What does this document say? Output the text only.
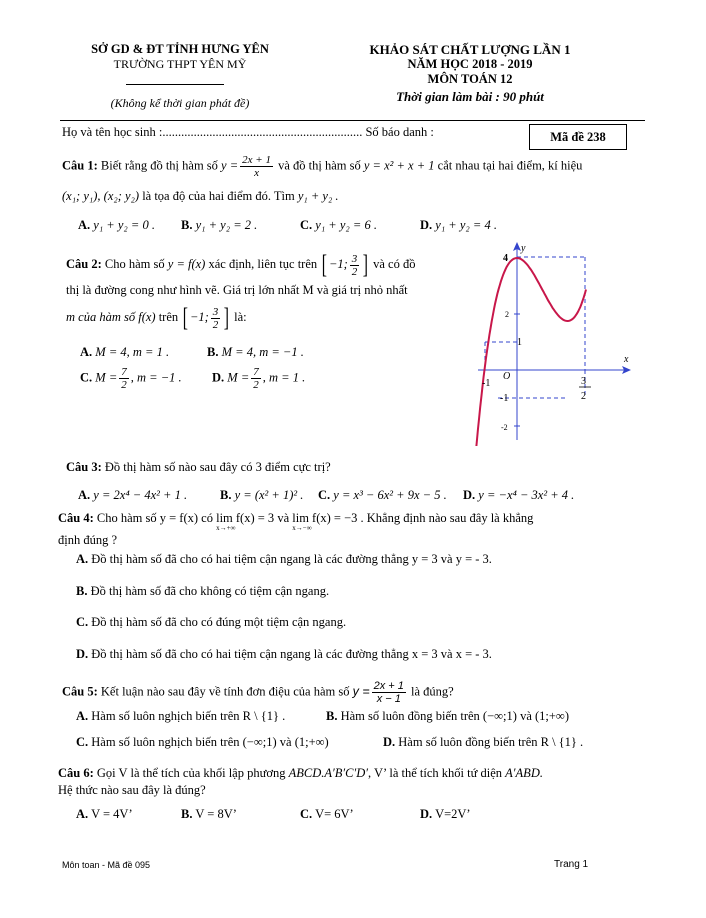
SỞ GD & ĐT TỈNH HƯNG YÊN
TRƯỜNG THPT YÊN MỸ
(Không kể thời gian phát đề)
KHẢO SÁT CHẤT LƯỢNG LẦN 1
NĂM HỌC 2018 - 2019
MÔN TOÁN 12
Thời gian làm bài : 90 phút
Họ và tên học sinh :................................................................ Số báo danh :	Mã đề 238
Câu 1: Biết rằng đồ thị hàm số $y = \frac{2x + 1}{x}$ và đồ thị hàm số y = x² + x + 1 cắt nhau tại hai điểm, kí hiệu
(x₁; y₁), (x₂; y₂) là tọa độ của hai điểm đó. Tìm y₁ + y₂ .
A. y₁ + y₂ = 0 . B. y₁ + y₂ = 2 .	C. y₁ + y₂ = 6 .	D. y₁ + y₂ = 4 .
Câu 2: Cho hàm số y = f(x) xác định, liên tục trên [ −1; $\frac{3}{2}$ ] và có đồ
thị là đường cong như hình vẽ. Giá trị lớn nhất M và giá trị nhỏ nhất
m của hàm số f(x) trên [ −1; $\frac{3}{2}$ ] là:
A. M = 4, m = 1 .	B. M = 4, m = −1 .
C. $M = \frac{7}{2}$ , m = −1 . D. $M = \frac{7}{2}$ , m = 1 .
y
x
O
4
2
1
-1
-2
-1	3
2
Câu 3: Đồ thị hàm số nào sau đây có 3 điểm cực trị?
A. y = 2x⁴ − 4x² + 1 .	B. y = (x² + 1)² . C. y = x³ − 6x² + 9x − 5 . D. y = −x⁴ − 3x² + 4 .
Câu 4: Cho hàm số y = f(x) có lim f(x) = 3
x→+∞
và lim f(x) = −3
x→−∞
. Khẳng định nào sau đây là khẳng
định đúng ?
A. Đồ thị hàm số đã cho có hai tiệm cận ngang là các đường thẳng y = 3 và y = - 3.
B. Đồ thị hàm số đã cho không có tiệm cận ngang.
C. Đồ thị hàm số đã cho có đúng một tiệm cận ngang.
D. Đồ thị hàm số đã cho có hai tiệm cận ngang là các đường thẳng x = 3 và x = - 3.
Câu 5: Kết luận nào sau đây về tính đơn điệu của hàm số $y = \frac{2x + 1}{x - 1}$ là đúng?
A. Hàm số luôn nghịch biến trên R \ {1} .	B. Hàm số luôn đồng biến trên (−∞;1) và (1;+∞)
C. Hàm số luôn nghịch biến trên (−∞;1) và (1;+∞)	D. Hàm số luôn đồng biến trên R \ {1} .
Câu 6: Gọi V là thể tích của khối lập phương ABCD.A′B′C′D′, V’ là thể tích khối tứ diện A′ABD.
Hệ thức nào sau đây là đúng?
A. V = 4V’	B. V = 8V’	C. V= 6V’	D. V=2V’
Môn toan - Mã đề 095	Trang 1
